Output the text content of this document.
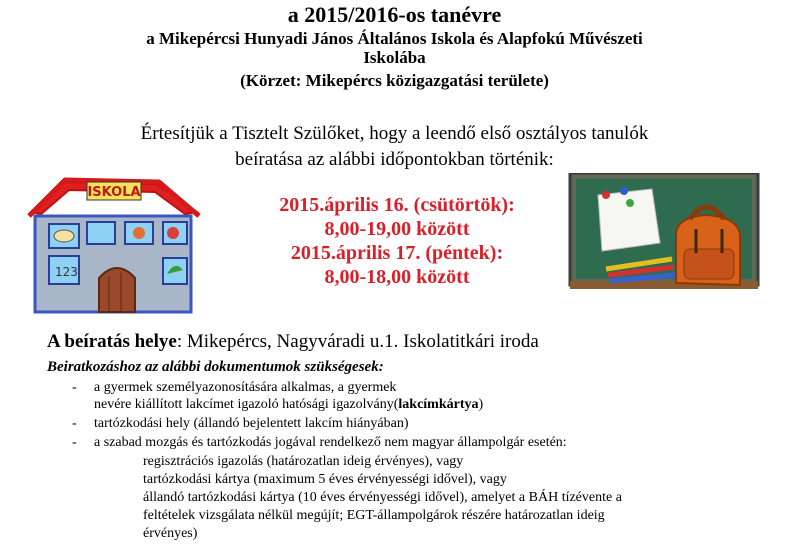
a 2015/2016-os tanévre
a Mikepércsi Hunyadi János Általános Iskola és Alapfokú Művészeti
Iskolába
(Körzet: Mikepércs közigazgatási területe)
Értesítjük a Tisztelt Szülőket, hogy a leendő első osztályos tanulók
beíratása az alábbi időpontokban történik:
ISKOLA
123
2015.április 16. (csütörtök):
8,00-19,00 között
2015.április 17. (péntek):
8,00-18,00 között
A beíratás helye: Mikepércs, Nagyváradi u.1. Iskolatitkári iroda
Beiratkozáshoz az alábbi dokumentumok szükségesek:
- a gyermek személyazonosítására alkalmas, a gyermek
nevére kiállított lakcímet igazoló hatósági igazolvány(lakcímkártya)
- tartózkodási hely (állandó bejelentett lakcím hiányában)
- a szabad mozgás és tartózkodás jogával rendelkező nem magyar állampolgár esetén:
regisztrációs igazolás (határozatlan ideig érvényes), vagy
tartózkodási kártya (maximum 5 éves érvényességi idővel), vagy
állandó tartózkodási kártya (10 éves érvényességi idővel), amelyet a BÁH tízévente a
feltételek vizsgálata nélkül megújít; EGT-állampolgárok részére határozatlan ideig
érvényes)
